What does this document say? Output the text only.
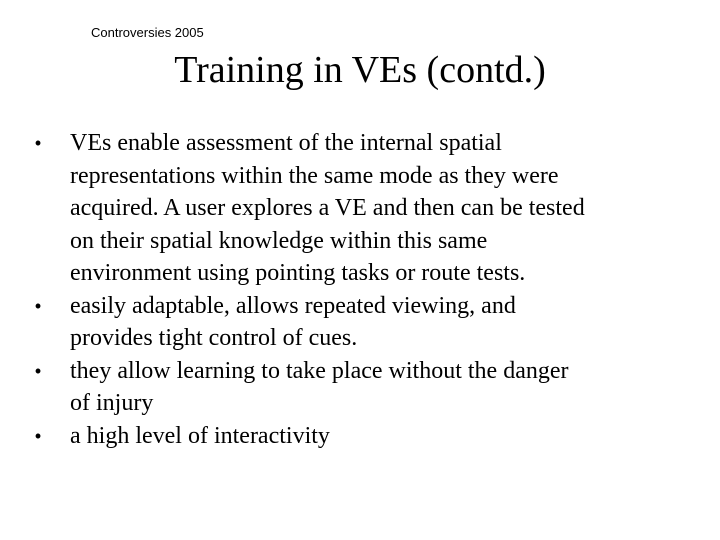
Controversies 2005
Training in VEs (contd.)
• VEs enable assessment of the internal spatial
representations within the same mode as they were
acquired. A user explores a VE and then can be tested
on their spatial knowledge within this same
environment using pointing tasks or route tests.
• easily adaptable, allows repeated viewing, and
provides tight control of cues.
• they allow learning to take place without the danger
of injury
• a high level of interactivity
